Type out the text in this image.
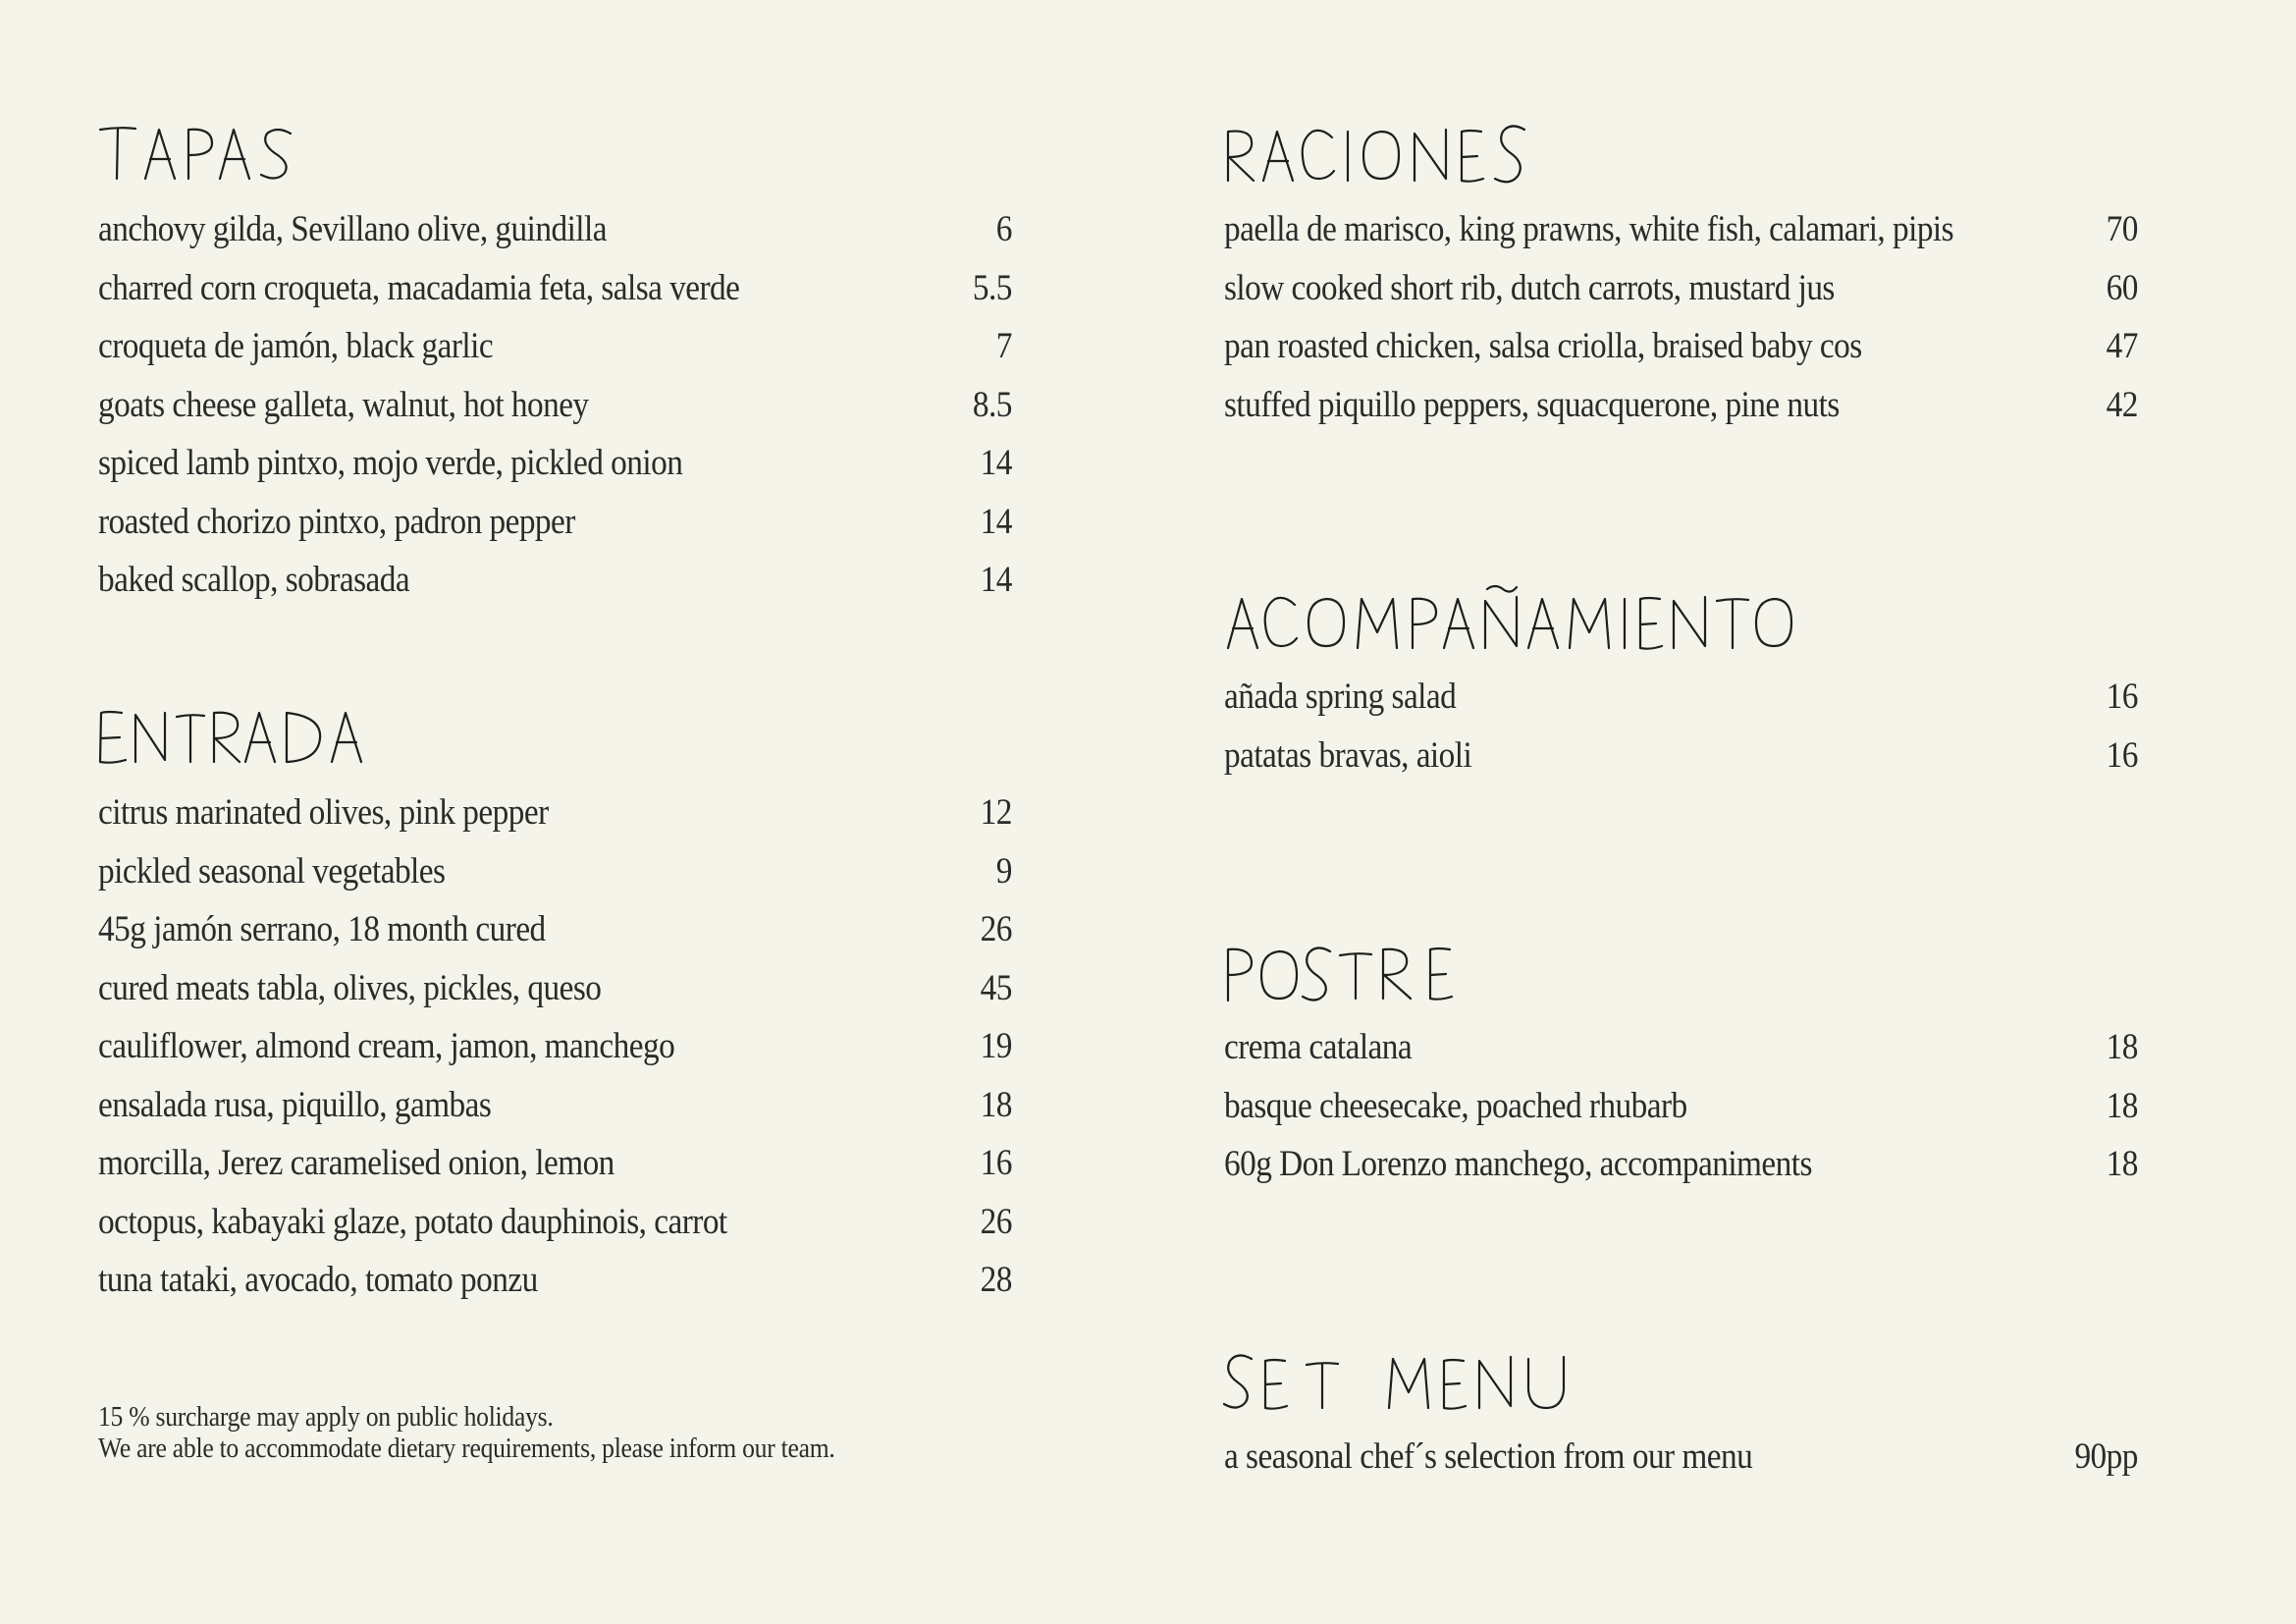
anchovy gilda, Sevillano olive, guindilla	6
charred corn croqueta, macadamia feta, salsa verde	5.5
croqueta de jamón, black garlic	7
goats cheese galleta, walnut, hot honey	8.5
spiced lamb pintxo, mojo verde, pickled onion	14
roasted chorizo pintxo, padron pepper	14
baked scallop, sobrasada	14
citrus marinated olives, pink pepper	12
pickled seasonal vegetables	9
45g jamón serrano, 18 month cured	26
cured meats tabla, olives, pickles, queso	45
cauliflower, almond cream, jamon, manchego	19
ensalada rusa, piquillo, gambas	18
morcilla, Jerez caramelised onion, lemon	16
octopus, kabayaki glaze, potato dauphinois, carrot	26
tuna tataki, avocado, tomato ponzu	28
15 % surcharge may apply on public holidays.
We are able to accommodate dietary requirements, please inform our team.
paella de marisco, king prawns, white fish, calamari, pipis	70
slow cooked short rib, dutch carrots, mustard jus	60
pan roasted chicken, salsa criolla, braised baby cos	47
stuffed piquillo peppers, squacquerone, pine nuts	42
añada spring salad	16
patatas bravas, aioli	16
crema catalana	18
basque cheesecake, poached rhubarb	18
60g Don Lorenzo manchego, accompaniments	18
a seasonal chef´s selection from our menu	90pp
